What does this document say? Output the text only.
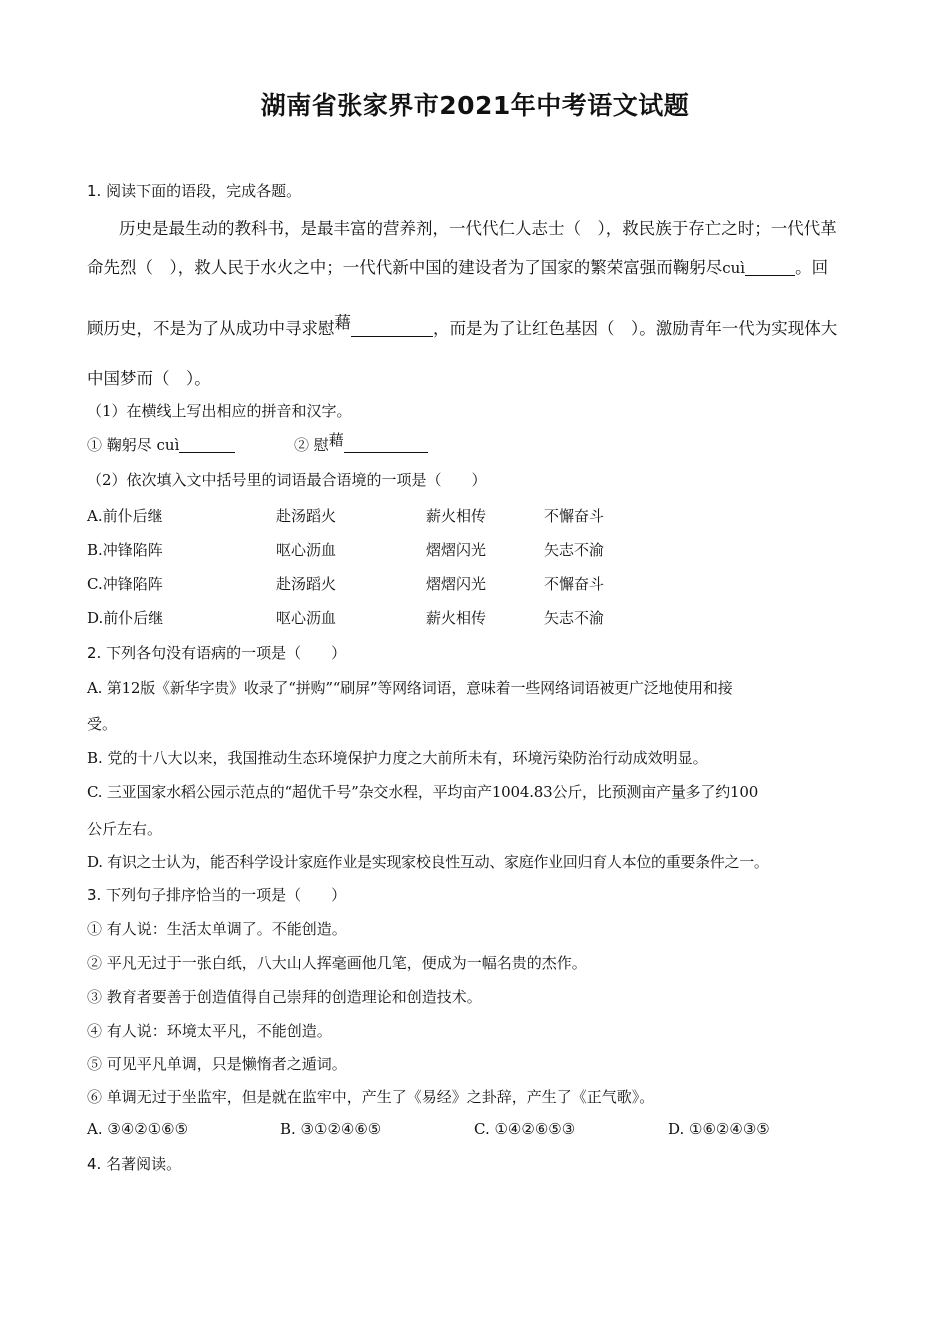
湖南省张家界市2021年中考语文试题
1. 阅读下面的语段，完成各题。
历史是最生动的教科书，是最丰富的营养剂，一代代仁人志士（　），救民族于存亡之时；一代代革
命先烈（　），救人民于水火之中；一代代新中国的建设者为了国家的繁荣富强而鞠躬尽cuì	。回
顾历史，不是为了从成功中寻求慰藉	，而是为了让红色基因（　）。激励青年一代为实现体大
中国梦而（　）。
（1）在横线上写出相应的拼音和汉字。
① 鞠躬尽 cuì	② 慰藉
（2）依次填入文中括号里的词语最合语境的一项是（　　）
A.前仆后继	赴汤蹈火	薪火相传	不懈奋斗
B.冲锋陷阵	呕心沥血	熠熠闪光	矢志不渝
C.冲锋陷阵	赴汤蹈火	熠熠闪光	不懈奋斗
D.前仆后继	呕心沥血	薪火相传	矢志不渝
2. 下列各句没有语病的一项是（　　）
A. 第12版《新华字贵》收录了“拼购”“刷屏”等网络词语，意味着一些网络词语被更广泛地使用和接
受。
B. 党的十八大以来，我国推动生态环境保护力度之大前所未有，环境污染防治行动成效明显。
C. 三亚国家水稻公园示范点的“超优千号”杂交水程，平均亩产1004.83公斤，比预测亩产量多了约100
公斤左右。
D. 有识之士认为，能否科学设计家庭作业是实现家校良性互动、家庭作业回归育人本位的重要条件之一。
3. 下列句子排序恰当的一项是（　　）
① 有人说：生活太单调了。不能创造。
② 平凡无过于一张白纸，八大山人挥毫画他几笔，便成为一幅名贵的杰作。
③ 教育者要善于创造值得自己崇拜的创造理论和创造技术。
④ 有人说：环境太平凡，不能创造。
⑤ 可见平凡单调，只是懒惰者之遁词。
⑥ 单调无过于坐监牢，但是就在监牢中，产生了《易经》之卦辞，产生了《正气歌》。
A. ③④②①⑥⑤	B. ③①②④⑥⑤	C. ①④②⑥⑤③	D. ①⑥②④③⑤
4. 名著阅读。
